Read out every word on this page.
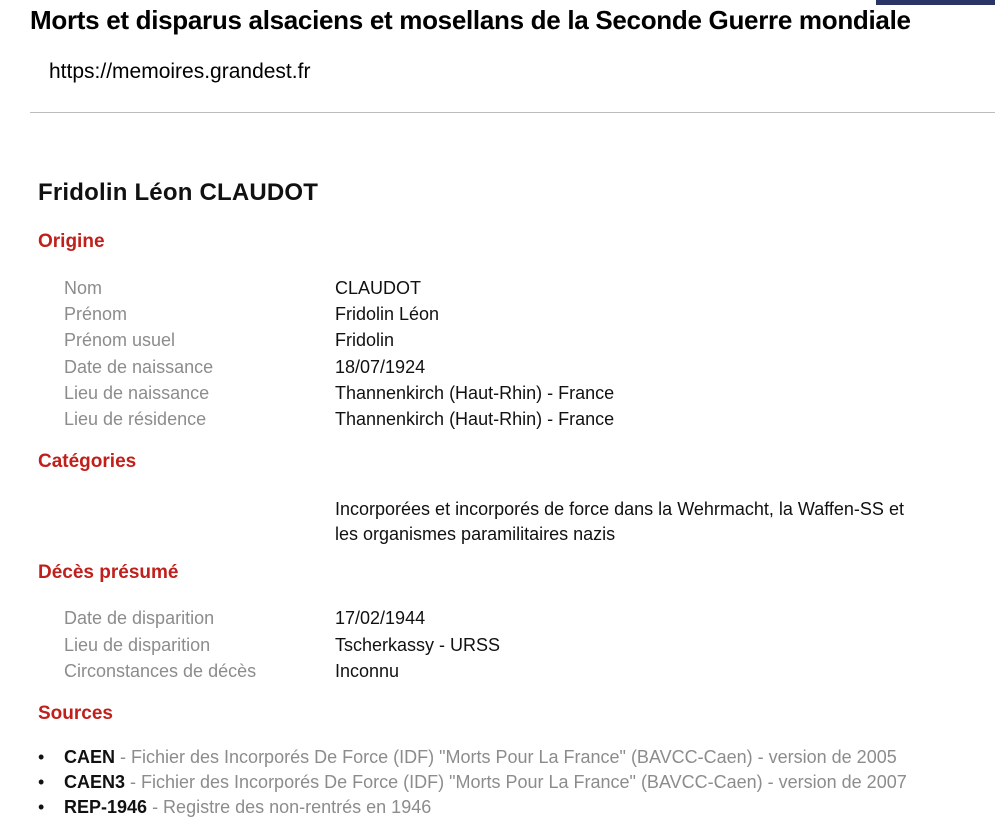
Morts et disparus alsaciens et mosellans de la Seconde Guerre mondiale
https://memoires.grandest.fr
Fridolin Léon CLAUDOT
Origine
Nom	CLAUDOT
Prénom	Fridolin Léon
Prénom usuel	Fridolin
Date de naissance	18/07/1924
Lieu de naissance	Thannenkirch (Haut-Rhin) - France
Lieu de résidence	Thannenkirch (Haut-Rhin) - France
Catégories
Incorporées et incorporés de force dans la Wehrmacht, la Waffen-SS et les organismes paramilitaires nazis
Décès présumé
Date de disparition	17/02/1944
Lieu de disparition	Tscherkassy - URSS
Circonstances de décès	Inconnu
Sources
•	CAEN - Fichier des Incorporés De Force (IDF) "Morts Pour La France" (BAVCC-Caen) - version de 2005
•	CAEN3 - Fichier des Incorporés De Force (IDF) "Morts Pour La France" (BAVCC-Caen) - version de 2007
•	REP-1946 - Registre des non-rentrés en 1946
